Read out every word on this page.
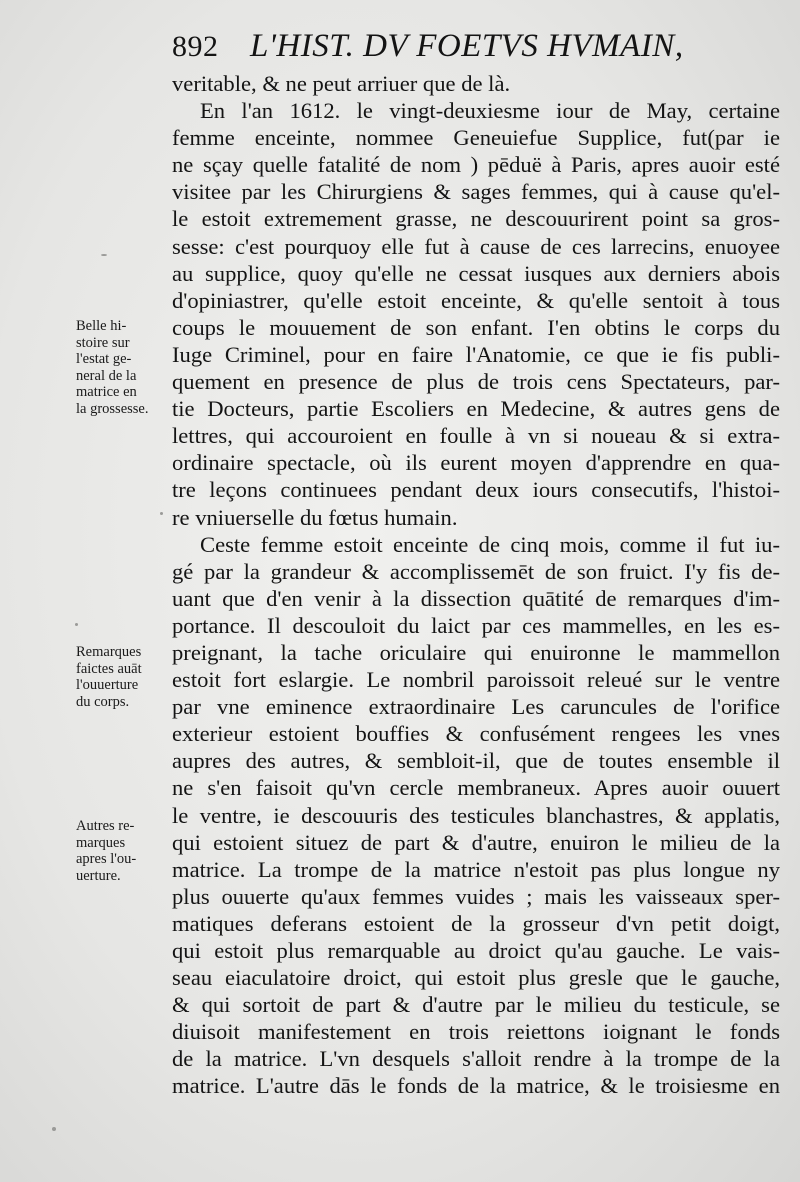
892 L'HIST. DV FOETVS HVMAIN,
veritable, & ne peut arriuer que de là.
En l'an 1612. le vingt-deuxiesme iour de May, certaine
femme enceinte, nommee Geneuiefue Supplice, fut(par ie
ne sçay quelle fatalité de nom ) pēduë à Paris, apres auoir esté
visitee par les Chirurgiens & sages femmes, qui à cause qu'el-
le estoit extremement grasse, ne descouurirent point sa gros-
sesse: c'est pourquoy elle fut à cause de ces larrecins, enuoyee
au supplice, quoy qu'elle ne cessat iusques aux derniers abois
d'opiniastrer, qu'elle estoit enceinte, & qu'elle sentoit à tous
coups le mouuement de son enfant. I'en obtins le corps du
Iuge Criminel, pour en faire l'Anatomie, ce que ie fis publi-
quement en presence de plus de trois cens Spectateurs, par-
tie Docteurs, partie Escoliers en Medecine, & autres gens de
lettres, qui accouroient en foulle à vn si noueau & si extra-
ordinaire spectacle, où ils eurent moyen d'apprendre en qua-
tre leçons continuees pendant deux iours consecutifs, l'histoi-
re vniuerselle du fœtus humain.
Ceste femme estoit enceinte de cinq mois, comme il fut iu-
gé par la grandeur & accomplissemēt de son fruict. I'y fis de-
uant que d'en venir à la dissection quātité de remarques d'im-
portance. Il descouloit du laict par ces mammelles, en les es-
preignant, la tache oriculaire qui enuironne le mammellon
estoit fort eslargie. Le nombril paroissoit releué sur le ventre
par vne eminence extraordinaire Les caruncules de l'orifice
exterieur estoient bouffies & confusément rengees les vnes
aupres des autres, & sembloit-il, que de toutes ensemble il
ne s'en faisoit qu'vn cercle membraneux. Apres auoir ouuert
le ventre, ie descouuris des testicules blanchastres, & applatis,
qui estoient situez de part & d'autre, enuiron le milieu de la
matrice. La trompe de la matrice n'estoit pas plus longue ny
plus ouuerte qu'aux femmes vuides ; mais les vaisseaux sper-
matiques deferans estoient de la grosseur d'vn petit doigt,
qui estoit plus remarquable au droict qu'au gauche. Le vais-
seau eiaculatoire droict, qui estoit plus gresle que le gauche,
& qui sortoit de part & d'autre par le milieu du testicule, se
diuisoit manifestement en trois reiettons ioignant le fonds
de la matrice. L'vn desquels s'alloit rendre à la trompe de la
matrice. L'autre dās le fonds de la matrice, & le troisiesme en
Belle hi-
stoire sur
l'estat ge-
neral de la
matrice en
la grossesse.
Remarques
faictes auāt
l'ouuerture
du corps.
Autres re-
marques
apres l'ou-
uerture.
